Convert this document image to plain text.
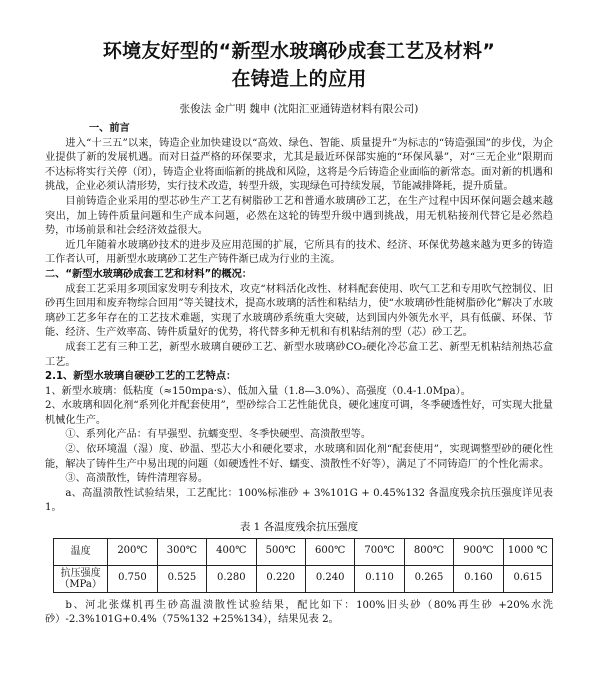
环境友好型的“新型水玻璃砂成套工艺及材料”
在铸造上的应用
张俊法 金广明 魏申 (沈阳汇亚通铸造材料有限公司)
一、前言

进入“十三五”以来，铸造企业加快建设以“高效、绿色、智能、质量提升”为标志的“铸造强国”的步伐，为企业提供了新的发展机遇。而对日益严格的环保要求，尤其是最近环保部实施的“环保风暴”，对“三无企业”限期而不达标将实行关停（闭），铸造企业将面临新的挑战和风险，这将是今后铸造企业面临的新常态。面对新的机遇和挑战，企业必须认清形势，实行技术改造，转型升级，实现绿色可持续发展，节能减排降耗，提升质量。

目前铸造企业采用的型芯砂生产工艺有树脂砂工艺和普通水玻璃砂工艺，在生产过程中因环保问题会越来越突出，加上铸件质量问题和生产成本问题，必然在这轮的铸型升级中遇到挑战，用无机粘接剂代替它是必然趋势，市场前景和社会经济效益很大。

近几年随着水玻璃砂技术的进步及应用范围的扩展，它所具有的技术、经济、环保优势越来越为更多的铸造工作者认可，用新型水玻璃砂工艺生产铸件渐已成为行业的主流。

二、“新型水玻璃砂成套工艺和材料”的概况：

成套工艺采用多项国家发明专利技术，攻克“材料活化改性、材料配套使用、吹气工艺和专用吹气控制仪、旧砂再生回用和废弃物综合回用”等关键技术，提高水玻璃的活性和粘结力，使“水玻璃砂性能树脂砂化”解决了水玻璃砂工艺多年存在的工艺技术难题，实现了水玻璃砂系统重大突破，达到国内外领先水平，具有低碳、环保、节能、经济、生产效率高、铸件质量好的优势，将代替多种无机和有机粘结剂的型（芯）砂工艺。

成套工艺有三种工艺，新型水玻璃自硬砂工艺、新型水玻璃砂CO₂硬化冷芯盒工艺、新型无机粘结剂热芯盒工艺。

2.1、新型水玻璃自硬砂工艺的工艺特点：

1、新型水玻璃：低粘度（≈150mpa·s）、低加入量（1.8—3.0%）、高强度（0.4-1.0Mpa）。

2、水玻璃和固化剂“系列化并配套使用”，型砂综合工艺性能优良，硬化速度可调，冬季硬透性好，可实现大批量机械化生产。

①、系列化产品：有早强型、抗蠕变型、冬季快硬型、高溃散型等。

②、依环境温（湿）度、砂温、型芯大小和硬化要求，水玻璃和固化剂“配套使用”，实现调整型砂的硬化性能，解决了铸件生产中易出现的问题（如硬透性不好、蠕变、溃散性不好等），满足了不同铸造厂的个性化需求。

③、高溃散性，铸件清理容易。

a、高温溃散性试验结果，工艺配比：100%标准砂 + 3%101G + 0.45%132 各温度残余抗压强度详见表1。

表 1 各温度残余抗压强度
温度	200℃	300℃	400℃	500℃	600℃	700℃	800℃	900℃	1000 ℃
抗压强度
（MPa）	0.750	0.525	0.280	0.220	0.240	0.110	0.265	0.160	0.615

b、河北张煤机再生砂高温溃散性试验结果，配比如下：100%旧头砂（80%再生砂 +20%水洗砂）-2.3%101G+0.4%（75%132 +25%134），结果见表 2。
